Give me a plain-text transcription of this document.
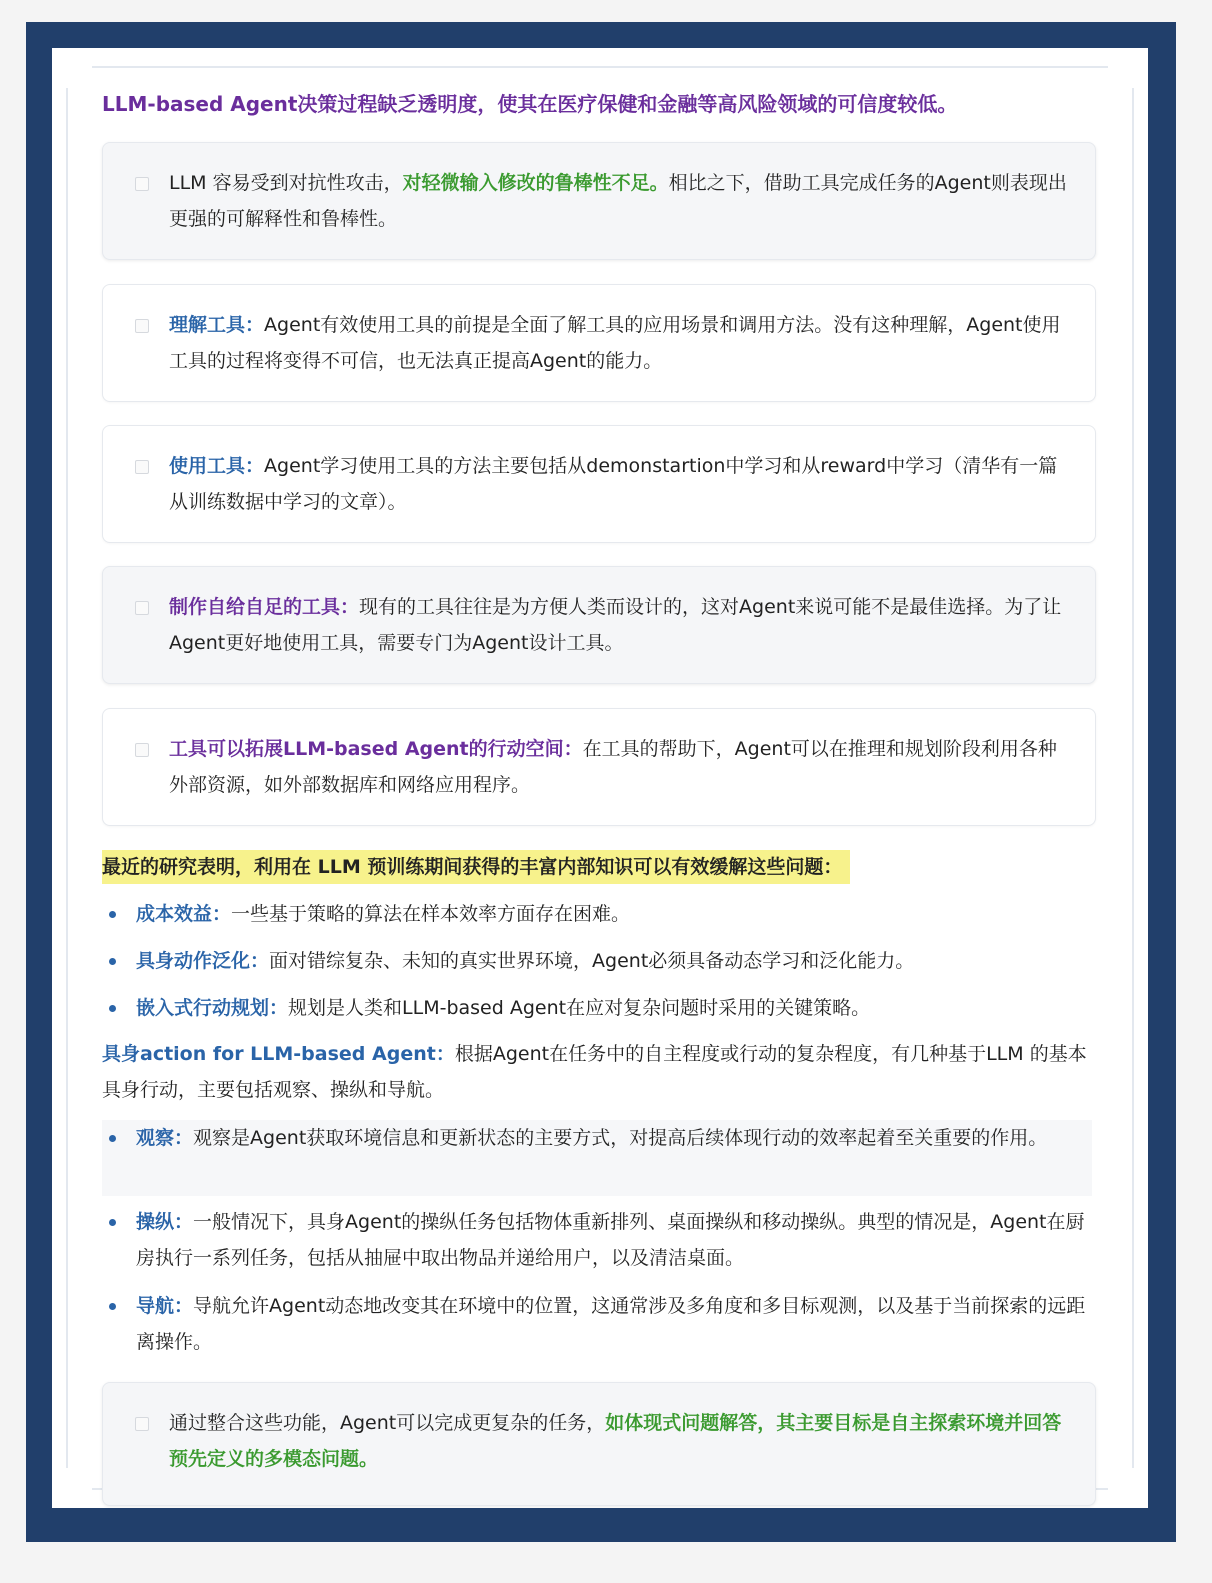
LLM-based Agent决策过程缺乏透明度，使其在医疗保健和金融等高风险领域的可信度较低。
LLM 容易受到对抗性攻击，对轻微输入修改的鲁棒性不足。相比之下，借助工具完成任务的Agent则表现出更强的可解释性和鲁棒性。
理解工具：Agent有效使用工具的前提是全面了解工具的应用场景和调用方法。没有这种理解，Agent使用工具的过程将变得不可信，也无法真正提高Agent的能力。
使用工具：Agent学习使用工具的方法主要包括从demonstartion中学习和从reward中学习（清华有一篇从训练数据中学习的文章）。
制作自给自足的工具：现有的工具往往是为方便人类而设计的，这对Agent来说可能不是最佳选择。为了让Agent更好地使用工具，需要专门为Agent设计工具。
工具可以拓展LLM-based Agent的行动空间：在工具的帮助下，Agent可以在推理和规划阶段利用各种外部资源，如外部数据库和网络应用程序。
最近的研究表明，利用在 LLM 预训练期间获得的丰富内部知识可以有效缓解这些问题：
成本效益：一些基于策略的算法在样本效率方面存在困难。
具身动作泛化：面对错综复杂、未知的真实世界环境，Agent必须具备动态学习和泛化能力。
嵌入式行动规划：规划是人类和LLM-based Agent在应对复杂问题时采用的关键策略。
具身action for LLM-based Agent：根据Agent在任务中的自主程度或行动的复杂程度，有几种基于LLM 的基本具身行动，主要包括观察、操纵和导航。
观察：观察是Agent获取环境信息和更新状态的主要方式，对提高后续体现行动的效率起着至关重要的作用。
操纵：一般情况下，具身Agent的操纵任务包括物体重新排列、桌面操纵和移动操纵。典型的情况是，Agent在厨房执行一系列任务，包括从抽屉中取出物品并递给用户，以及清洁桌面。
导航：导航允许Agent动态地改变其在环境中的位置，这通常涉及多角度和多目标观测，以及基于当前探索的远距离操作。
通过整合这些功能，Agent可以完成更复杂的任务，如体现式问题解答，其主要目标是自主探索环境并回答预先定义的多模态问题。
